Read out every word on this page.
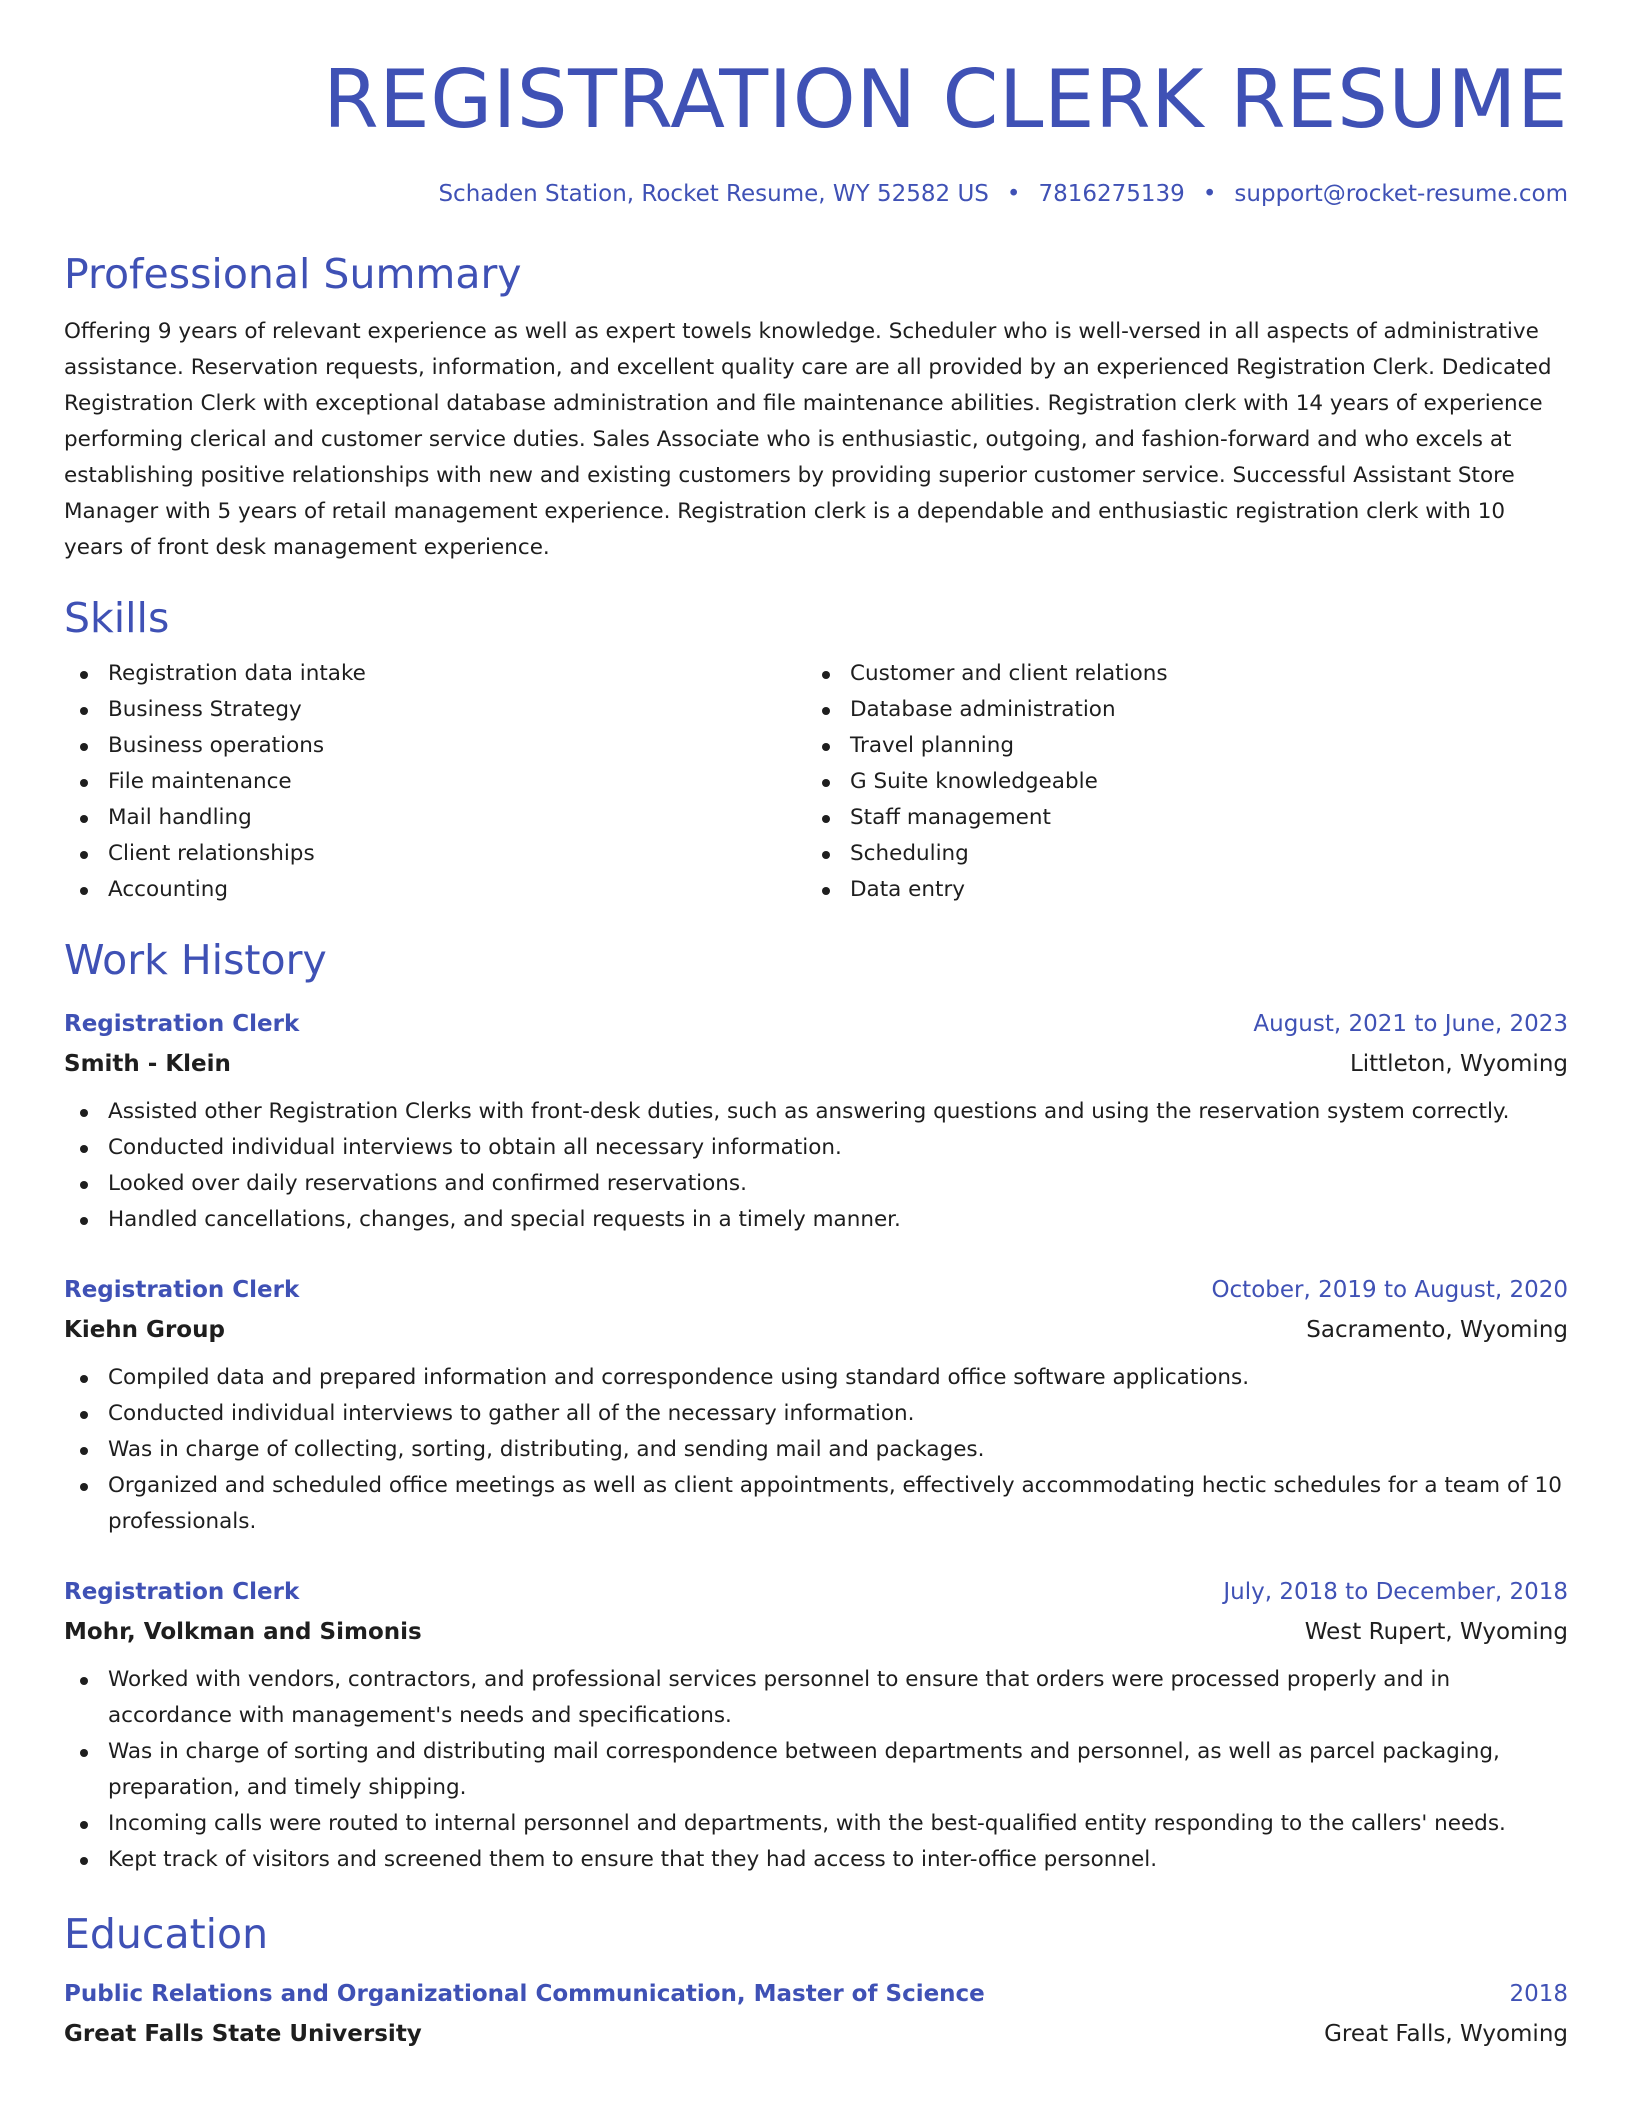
REGISTRATION CLERK RESUME
Schaden Station, Rocket Resume, WY 52582 US • 7816275139 • support@rocket-resume.com
Professional Summary
Offering 9 years of relevant experience as well as expert towels knowledge. Scheduler who is well-versed in all aspects of administrative assistance. Reservation requests, information, and excellent quality care are all provided by an experienced Registration Clerk. Dedicated Registration Clerk with exceptional database administration and file maintenance abilities. Registration clerk with 14 years of experience performing clerical and customer service duties. Sales Associate who is enthusiastic, outgoing, and fashion-forward and who excels at establishing positive relationships with new and existing customers by providing superior customer service. Successful Assistant Store Manager with 5 years of retail management experience. Registration clerk is a dependable and enthusiastic registration clerk with 10 years of front desk management experience.
Skills
Registration data intake
Business Strategy
Business operations
File maintenance
Mail handling
Client relationships
Accounting
Customer and client relations
Database administration
Travel planning
G Suite knowledgeable
Staff management
Scheduling
Data entry
Work History
Registration Clerk	August, 2021 to June, 2023
Smith - Klein	Littleton, Wyoming
Assisted other Registration Clerks with front-desk duties, such as answering questions and using the reservation system correctly.
Conducted individual interviews to obtain all necessary information.
Looked over daily reservations and confirmed reservations.
Handled cancellations, changes, and special requests in a timely manner.
Registration Clerk	October, 2019 to August, 2020
Kiehn Group	Sacramento, Wyoming
Compiled data and prepared information and correspondence using standard office software applications.
Conducted individual interviews to gather all of the necessary information.
Was in charge of collecting, sorting, distributing, and sending mail and packages.
Organized and scheduled office meetings as well as client appointments, effectively accommodating hectic schedules for a team of 10 professionals.
Registration Clerk	July, 2018 to December, 2018
Mohr, Volkman and Simonis	West Rupert, Wyoming
Worked with vendors, contractors, and professional services personnel to ensure that orders were processed properly and in accordance with management's needs and specifications.
Was in charge of sorting and distributing mail correspondence between departments and personnel, as well as parcel packaging, preparation, and timely shipping.
Incoming calls were routed to internal personnel and departments, with the best-qualified entity responding to the callers' needs.
Kept track of visitors and screened them to ensure that they had access to inter-office personnel.
Education
Public Relations and Organizational Communication, Master of Science	2018
Great Falls State University	Great Falls, Wyoming
